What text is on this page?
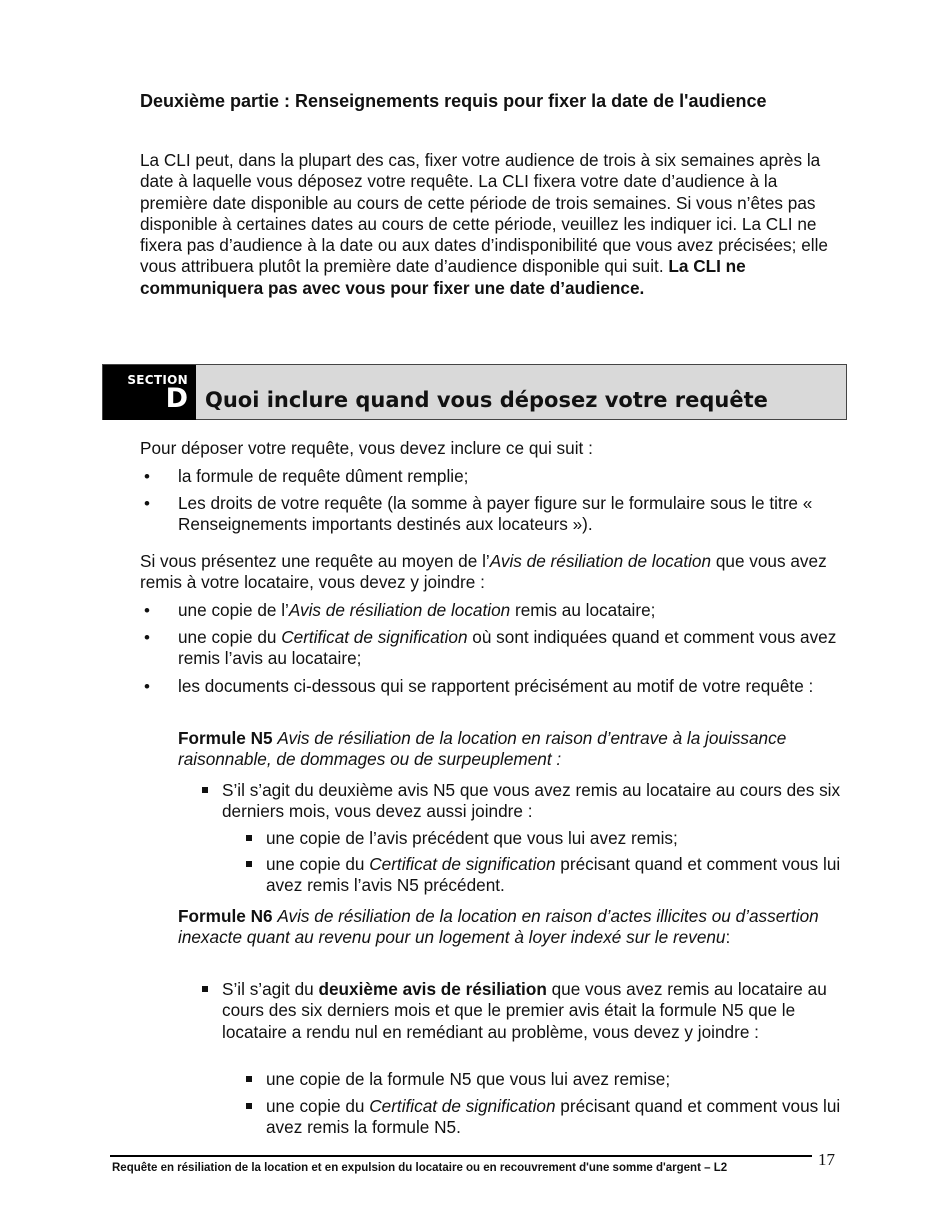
Deuxième partie : Renseignements requis pour fixer la date de l'audience

La CLI peut, dans la plupart des cas, fixer votre audience de trois à six semaines après la date à laquelle vous déposez votre requête. La CLI fixera votre date d’audience à la première date disponible au cours de cette période de trois semaines. Si vous n’êtes pas disponible à certaines dates au cours de cette période, veuillez les indiquer ici. La CLI ne fixera pas d’audience à la date ou aux dates d’indisponibilité que vous avez précisées; elle vous attribuera plutôt la première date d’audience disponible qui suit. La CLI ne communiquera pas avec vous pour fixer une date d’audience.

SECTION
D Quoi inclure quand vous déposez votre requête

Pour déposer votre requête, vous devez inclure ce qui suit :

• la formule de requête dûment remplie;
• Les droits de votre requête (la somme à payer figure sur le formulaire sous le titre « Renseignements importants destinés aux locateurs »).

Si vous présentez une requête au moyen de l’Avis de résiliation de location que vous avez remis à votre locataire, vous devez y joindre :

• une copie de l’Avis de résiliation de location remis au locataire;
• une copie du Certificat de signification où sont indiquées quand et comment vous avez remis l’avis au locataire;
• les documents ci-dessous qui se rapportent précisément au motif de votre requête :

Formule N5 Avis de résiliation de la location en raison d’entrave à la jouissance raisonnable, de dommages ou de surpeuplement :

S’il s’agit du deuxième avis N5 que vous avez remis au locataire au cours des six derniers mois, vous devez aussi joindre :
une copie de l’avis précédent que vous lui avez remis;
une copie du Certificat de signification précisant quand et comment vous lui avez remis l’avis N5 précédent.

Formule N6 Avis de résiliation de la location en raison d’actes illicites ou d’assertion inexacte quant au revenu pour un logement à loyer indexé sur le revenu:

S’il s’agit du deuxième avis de résiliation que vous avez remis au locataire au cours des six derniers mois et que le premier avis était la formule N5 que le locataire a rendu nul en remédiant au problème, vous devez y joindre :
une copie de la formule N5 que vous lui avez remise;
une copie du Certificat de signification précisant quand et comment vous lui avez remis la formule N5.
Requête en résiliation de la location et en expulsion du locataire ou en recouvrement d'une somme d'argent – L2	17
